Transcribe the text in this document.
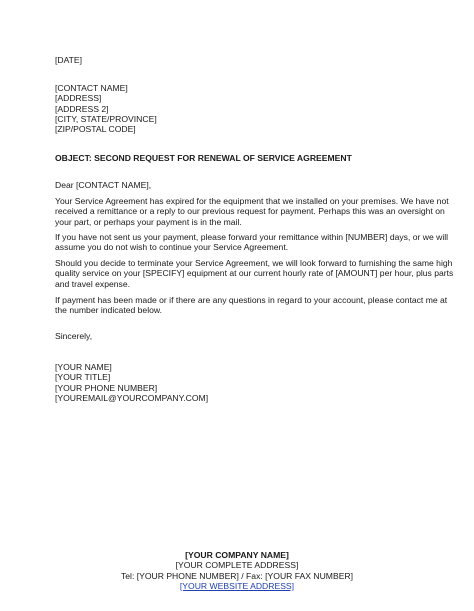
[DATE]

[CONTACT NAME]
[ADDRESS]
[ADDRESS 2]
[CITY, STATE/PROVINCE]
[ZIP/POSTAL CODE]

OBJECT: SECOND REQUEST FOR RENEWAL OF SERVICE AGREEMENT

Dear [CONTACT NAME],

Your Service Agreement has expired for the equipment that we installed on your premises. We have not
received a remittance or a reply to our previous request for payment. Perhaps this was an oversight on
your part, or perhaps your payment is in the mail.
If you have not sent us your payment, please forward your remittance within [NUMBER] days, or we will
assume you do not wish to continue your Service Agreement.
Should you decide to terminate your Service Agreement, we will look forward to furnishing the same high
quality service on your [SPECIFY] equipment at our current hourly rate of [AMOUNT] per hour, plus parts
and travel expense.
If payment has been made or if there are any questions in regard to your account, please contact me at
the number indicated below.

Sincerely,

[YOUR NAME]
[YOUR TITLE]
[YOUR PHONE NUMBER]
[YOUREMAIL@YOURCOMPANY.COM]
[YOUR COMPANY NAME]
[YOUR COMPLETE ADDRESS]
Tel: [YOUR PHONE NUMBER] / Fax: [YOUR FAX NUMBER]
[YOUR WEBSITE ADDRESS]
